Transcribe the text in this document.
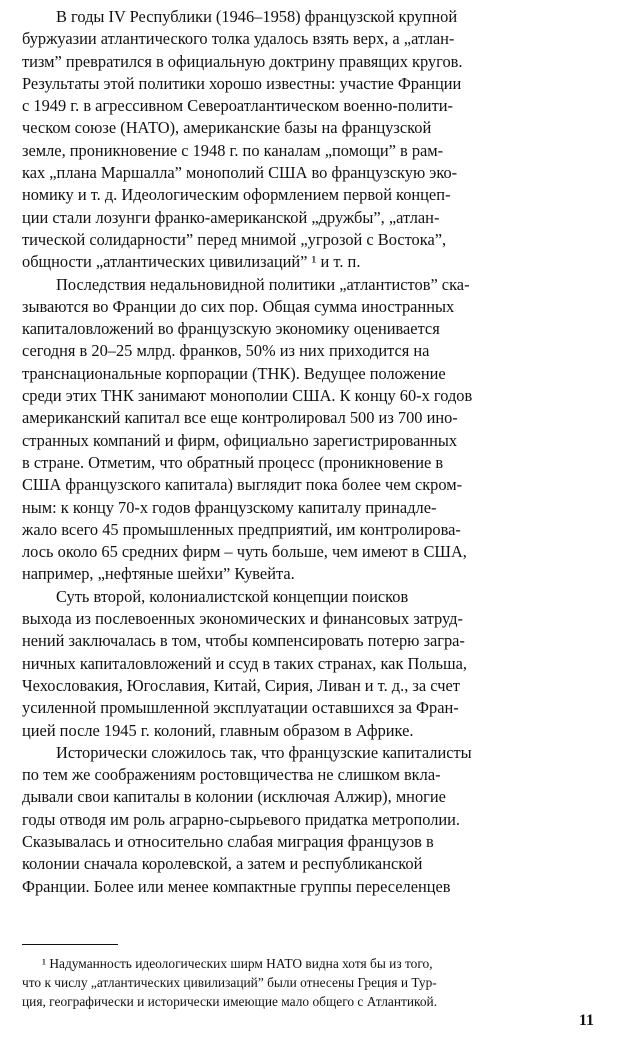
В годы IV Республики (1946–1958) французской крупной
буржуазии атлантического толка удалось взять верх, а „атлан-
тизм” превратился в официальную доктрину правящих кругов.
Результаты этой политики хорошо известны: участие Франции
с 1949 г. в агрессивном Североатлантическом военно-полити-
ческом союзе (НАТО), американские базы на французской
земле, проникновение с 1948 г. по каналам „помощи” в рам-
ках „плана Маршалла” монополий США во французскую эко-
номику и т. д. Идеологическим оформлением первой концеп-
ции стали лозунги франко-американской „дружбы”, „атлан-
тической солидарности” перед мнимой „угрозой с Востока”,
общности „атлантических цивилизаций” ¹ и т. п.

Последствия недальновидной политики „атлантистов” ска-
зываются во Франции до сих пор. Общая сумма иностранных
капиталовложений во французскую экономику оценивается
сегодня в 20–25 млрд. франков, 50% из них приходится на
транснациональные корпорации (ТНК). Ведущее положение
среди этих ТНК занимают монополии США. К концу 60-х годов
американский капитал все еще контролировал 500 из 700 ино-
странных компаний и фирм, официально зарегистрированных
в стране. Отметим, что обратный процесс (проникновение в
США французского капитала) выглядит пока более чем скром-
ным: к концу 70-х годов французскому капиталу принадле-
жало всего 45 промышленных предприятий, им контролирова-
лось около 65 средних фирм – чуть больше, чем имеют в США,
например, „нефтяные шейхи” Кувейта.

Суть второй, колониалистской концепции поисков
выхода из послевоенных экономических и финансовых затруд-
нений заключалась в том, чтобы компенсировать потерю загра-
ничных капиталовложений и ссуд в таких странах, как Польша,
Чехословакия, Югославия, Китай, Сирия, Ливан и т. д., за счет
усиленной промышленной эксплуатации оставшихся за Фран-
цией после 1945 г. колоний, главным образом в Африке.

Исторически сложилось так, что французские капиталисты
по тем же соображениям ростовщичества не слишком вкла-
дывали свои капиталы в колонии (исключая Алжир), многие
годы отводя им роль аграрно-сырьевого придатка метрополии.
Сказывалась и относительно слабая миграция французов в
колонии сначала королевской, а затем и республиканской
Франции. Более или менее компактные группы переселенцев

¹ Надуманность идеологических ширм НАТО видна хотя бы из того,
что к числу „атлантических цивилизаций” были отнесены Греция и Тур-
ция, географически и исторически имеющие мало общего с Атлантикой.
11
